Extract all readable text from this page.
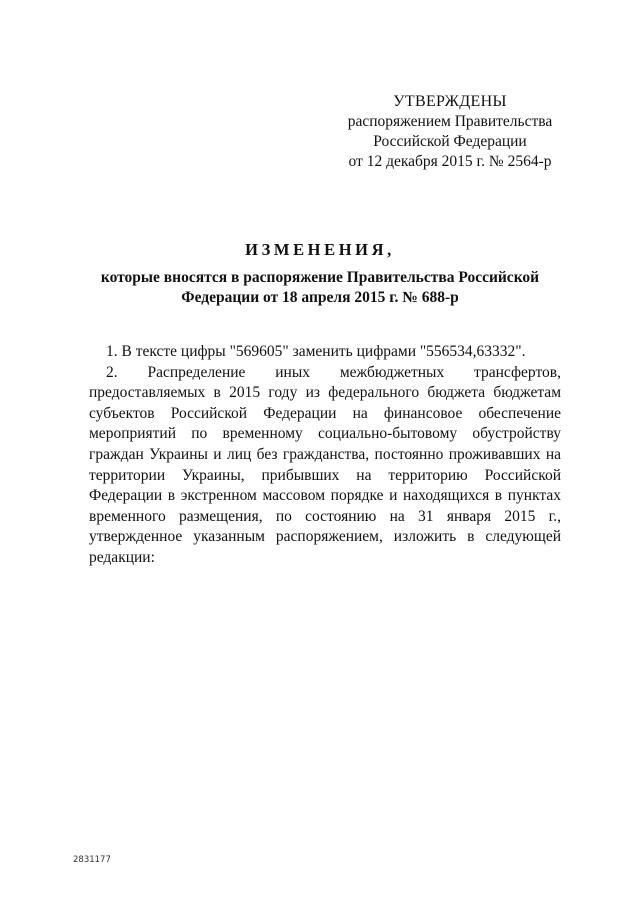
УТВЕРЖДЕНЫ
распоряжением Правительства
Российской Федерации
от 12 декабря 2015 г. № 2564-р
ИЗМЕНЕНИЯ,
которые вносятся в распоряжение Правительства Российской
Федерации от 18 апреля 2015 г. № 688-р

1. В тексте цифры "569605" заменить цифрами "556534,63332".

2. Распределение иных межбюджетных трансфертов, предоставляемых в 2015 году из федерального бюджета бюджетам субъектов Российской Федерации на финансовое обеспечение мероприятий по временному социально-бытовому обустройству граждан Украины и лиц без гражданства, постоянно проживавших на территории Украины, прибывших на территорию Российской Федерации в экстренном массовом порядке и находящихся в пунктах временного размещения, по состоянию на 31 января 2015 г., утвержденное указанным распоряжением, изложить в следующей редакции:

2831177
